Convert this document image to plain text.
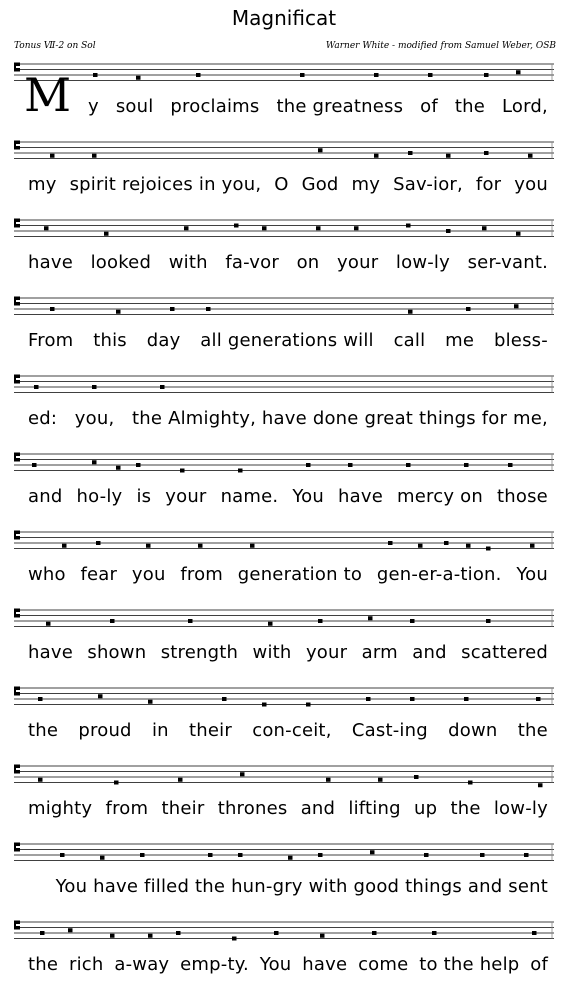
Magnificat
Tonus Ⅶ-2 on Sol	Warner White - modified from Samuel Weber, OSB
M y soul proclaims the greatness of the Lord,
my spirit rejoices in you, O God my Sav-ior, for you
have looked with fa-vor on your low-ly ser-vant.
From this day all generations will call me bless-
ed: you, the Almighty, have done great things for me,
and ho-ly is your name. You have mercy on those
who fear you from generation to gen-er-a-tion. You
have shown strength with your arm and scattered
the proud in their con-ceit, Cast-ing down the
mighty from their thrones and lifting up the low-ly
You have filled the hun-gry with good things and sent
the rich a-way emp-ty. You have come to the help of
